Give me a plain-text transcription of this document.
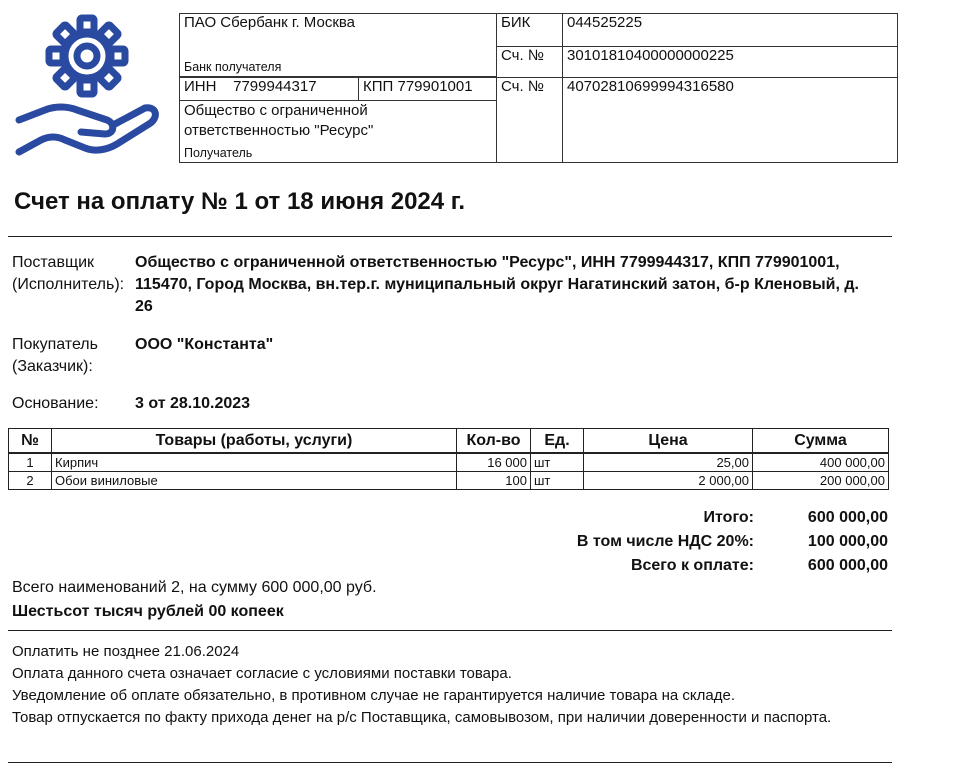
ПАО Сбербанк г. Москва
Банк получателя		БИК	044525225
		Сч. №	30101810400000000225

ИНН 7799944317	КПП 779901001	Сч. №	40702810699994316580

Общество с ограниченной ответственностью "Ресурс"
Получатель			
Счет на оплату № 1 от 18 июня 2024 г.
Поставщик (Исполнитель):
Общество с ограниченной ответственностью "Ресурс", ИНН 7799944317, КПП 779901001, 115470, Город Москва, вн.тер.г. муниципальный округ Нагатинский затон, б-р Кленовый, д. 26
Покупатель (Заказчик):
ООО "Константа"
Основание:	3 от 28.10.2023
№	Товары (работы, услуги)	Кол-во	Ед.	Цена	Сумма
1	Кирпич	16 000	шт	25,00	400 000,00
2	Обои виниловые	100	шт	2 000,00	200 000,00
Итого:	600 000,00
В том числе НДС 20%:	100 000,00
Всего к оплате:	600 000,00
Всего наименований 2, на сумму 600 000,00 руб.
Шестьсот тысяч рублей 00 копеек
Оплатить не позднее 21.06.2024
Оплата данного счета означает согласие с условиями поставки товара.
Уведомление об оплате обязательно, в противном случае не гарантируется наличие товара на складе.
Товар отпускается по факту прихода денег на р/с Поставщика, самовывозом, при наличии доверенности и паспорта.
